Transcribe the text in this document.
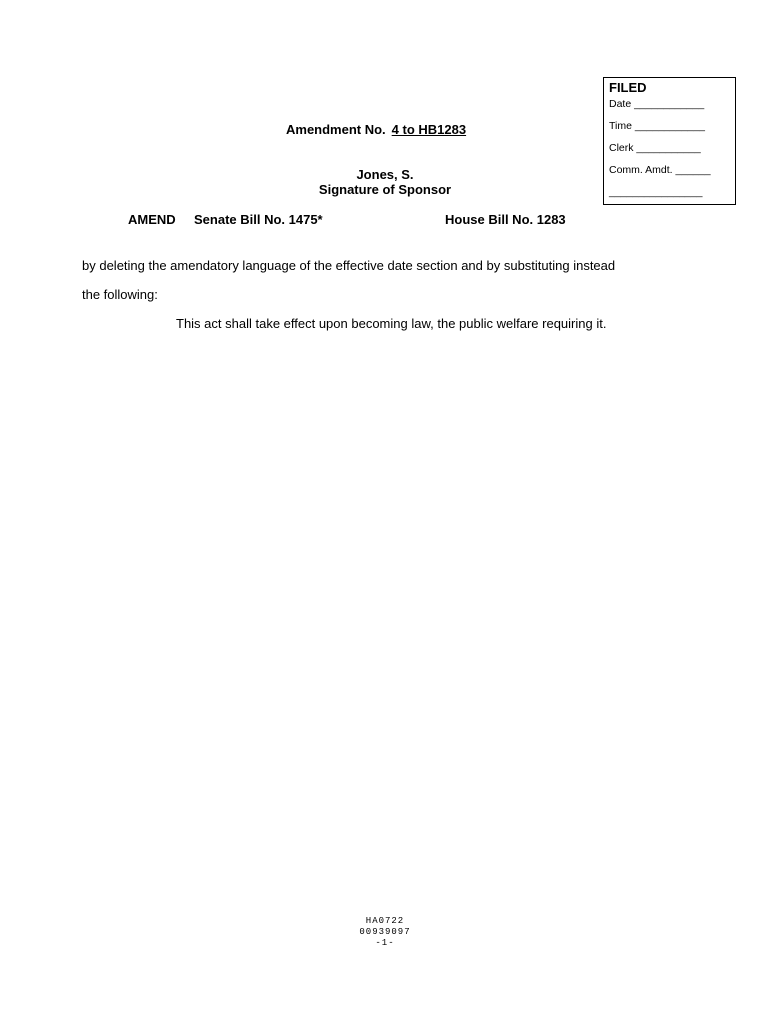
FILED
Date ____________
Time ____________
Clerk ___________
Comm. Amdt. ______
________________
Amendment No. 4 to HB1283
Jones, S.
Signature of Sponsor
AMEND Senate Bill No. 1475*	House Bill No. 1283
by deleting the amendatory language of the effective date section and by substituting instead
the following:
This act shall take effect upon becoming law, the public welfare requiring it.
HA0722
00939097
-1-
